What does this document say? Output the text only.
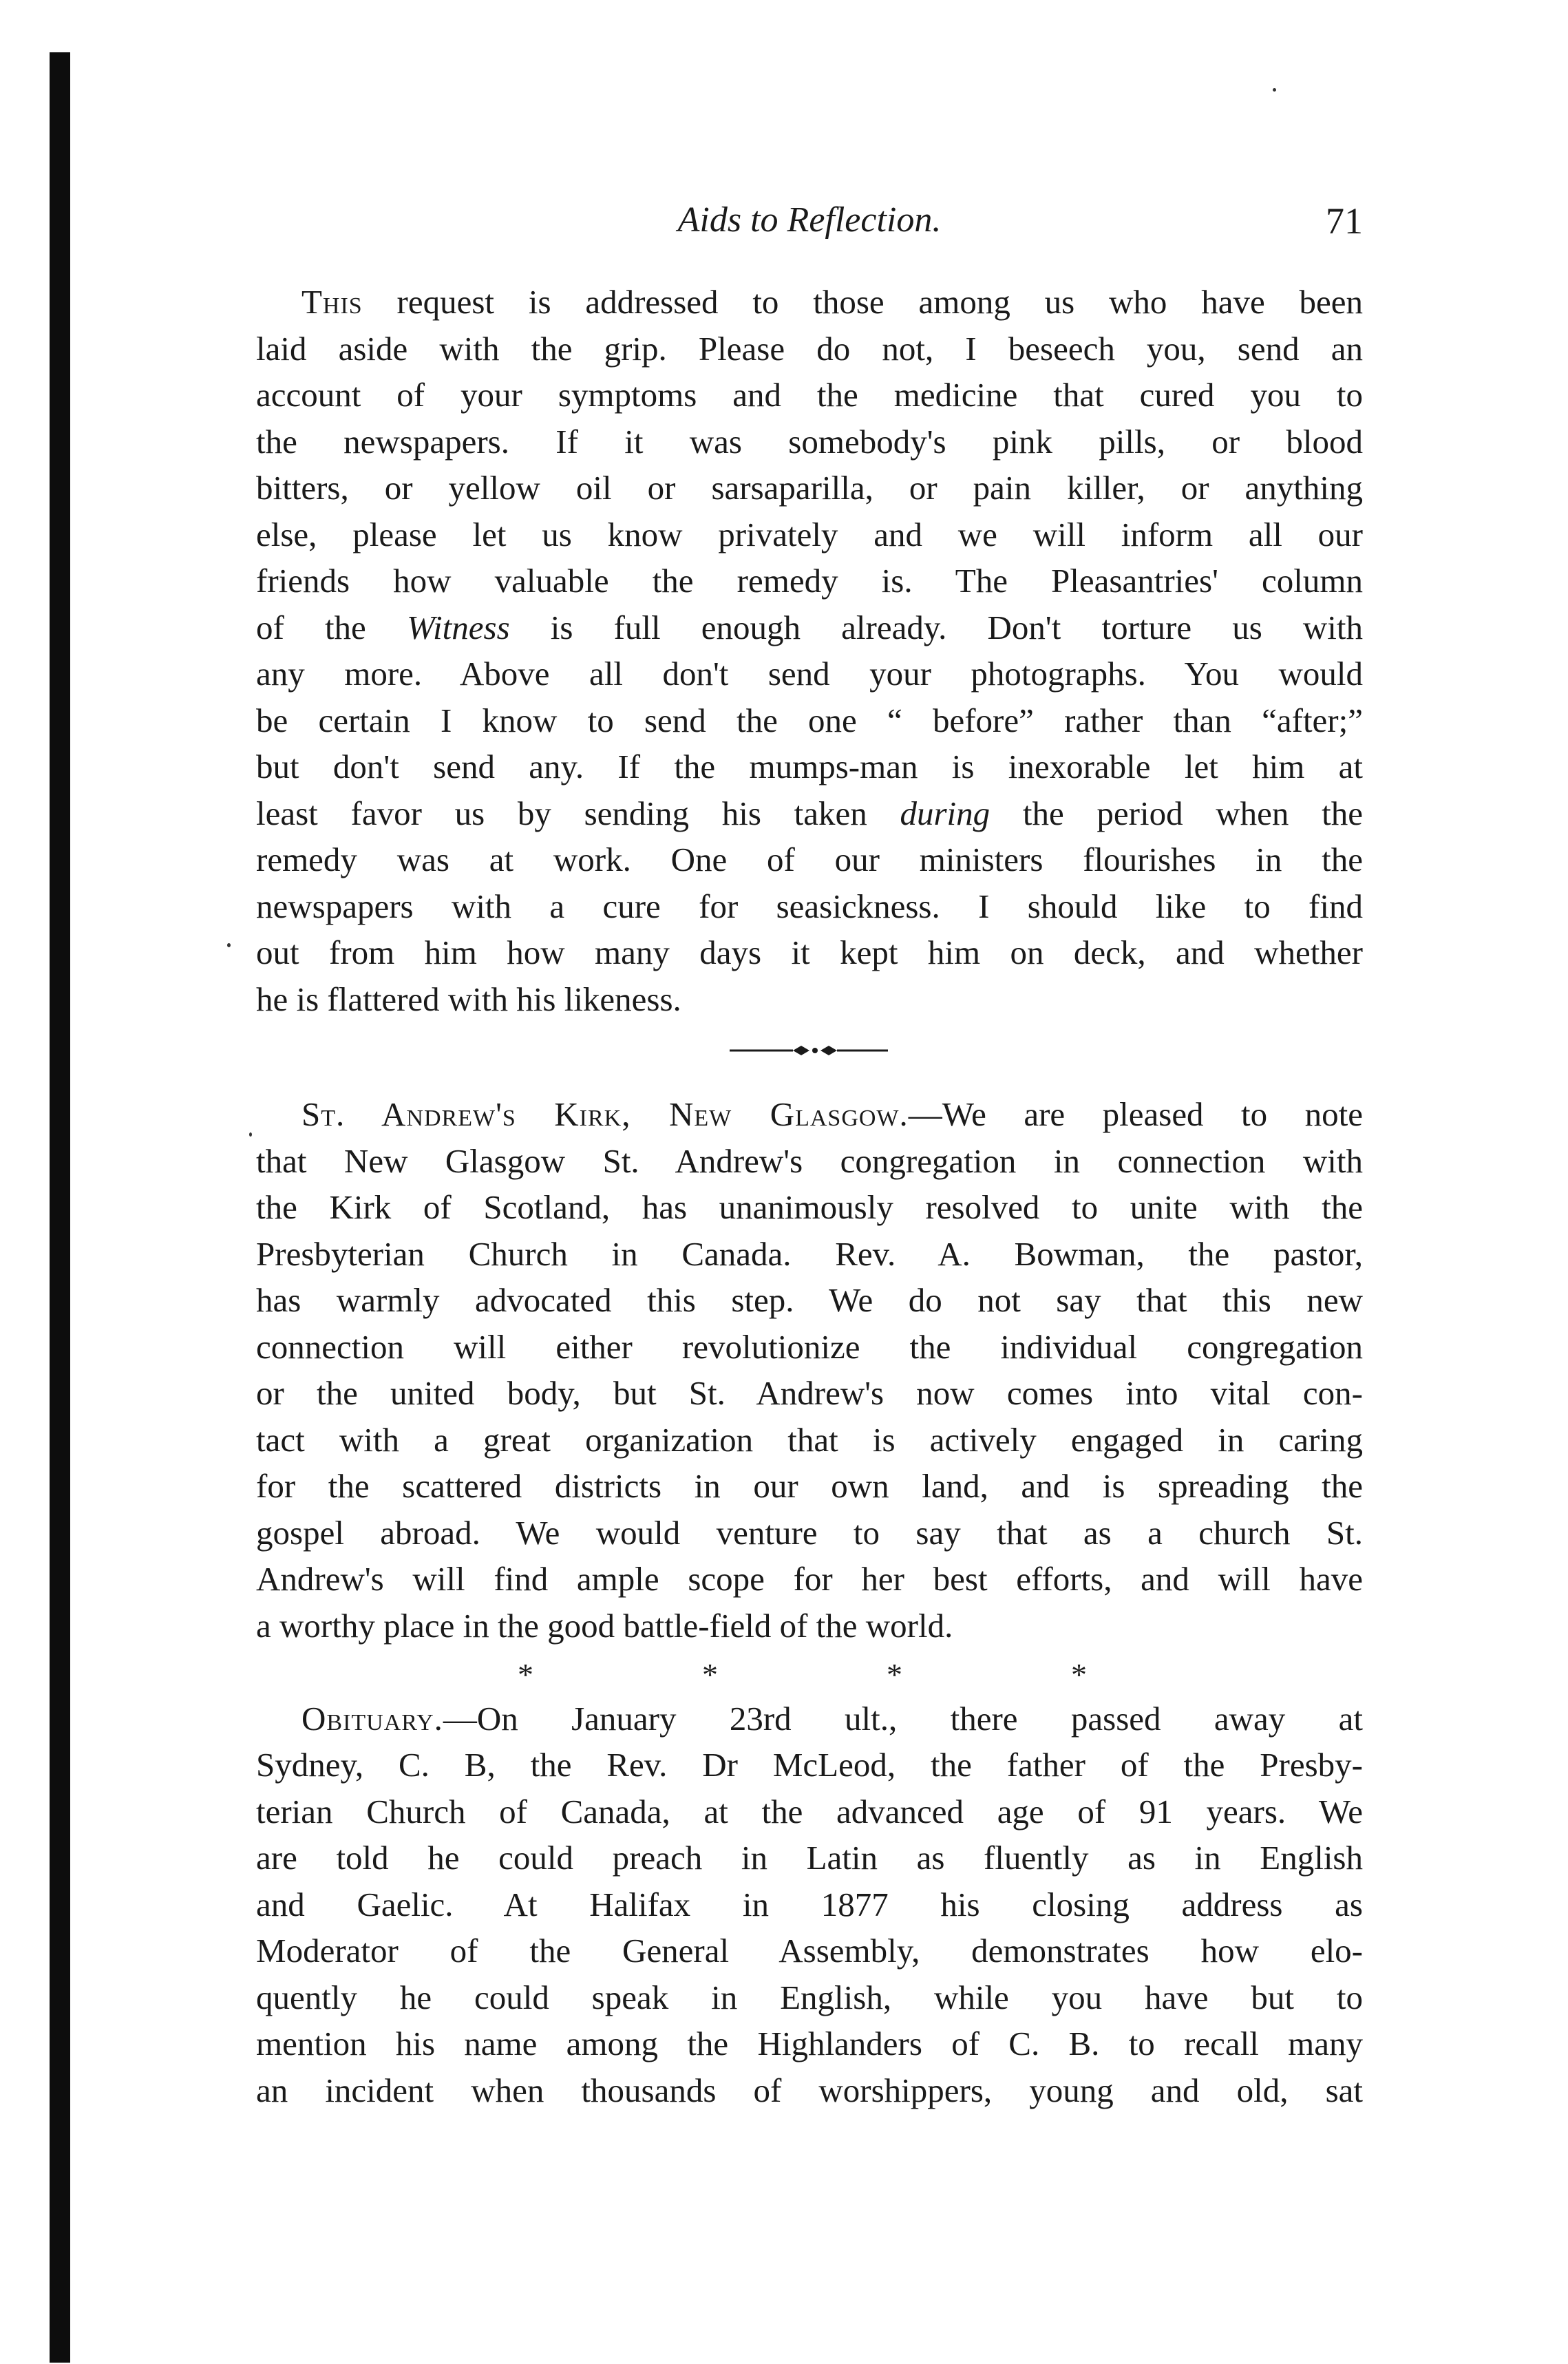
Aids to Reflection.	71
This request is addressed to those among us who have been
laid aside with the grip. Please do not, I beseech you, send an
account of your symptoms and the medicine that cured you to
the newspapers. If it was somebody's pink pills, or blood
bitters, or yellow oil or sarsaparilla, or pain killer, or anything
else, please let us know privately and we will inform all our
friends how valuable the remedy is. The Pleasantries' column
of the Witness is full enough already. Don't torture us with
any more. Above all don't send your photographs. You would
be certain I know to send the one “ before” rather than “after;”
but don't send any. If the mumps-man is inexorable let him at
least favor us by sending his taken during the period when the
remedy was at work. One of our ministers flourishes in the
newspapers with a cure for seasickness. I should like to find
out from him how many days it kept him on deck, and whether
he is flattered with his likeness.
St. Andrew's Kirk, New Glasgow.—We are pleased to note
that New Glasgow St. Andrew's congregation in connection with
the Kirk of Scotland, has unanimously resolved to unite with the
Presbyterian Church in Canada. Rev. A. Bowman, the pastor,
has warmly advocated this step. We do not say that this new
connection will either revolutionize the individual congregation
or the united body, but St. Andrew's now comes into vital con-
tact with a great organization that is actively engaged in caring
for the scattered districts in our own land, and is spreading the
gospel abroad. We would venture to say that as a church St.
Andrew's will find ample scope for her best efforts, and will have
a worthy place in the good battle-field of the world.
*	*	*	*
Obituary.—On January 23rd ult., there passed away at
Sydney, C. B, the Rev. Dr McLeod, the father of the Presby-
terian Church of Canada, at the advanced age of 91 years. We
are told he could preach in Latin as fluently as in English
and Gaelic. At Halifax in 1877 his closing address as
Moderator of the General Assembly, demonstrates how elo-
quently he could speak in English, while you have but to
mention his name among the Highlanders of C. B. to recall many
an incident when thousands of worshippers, young and old, sat
